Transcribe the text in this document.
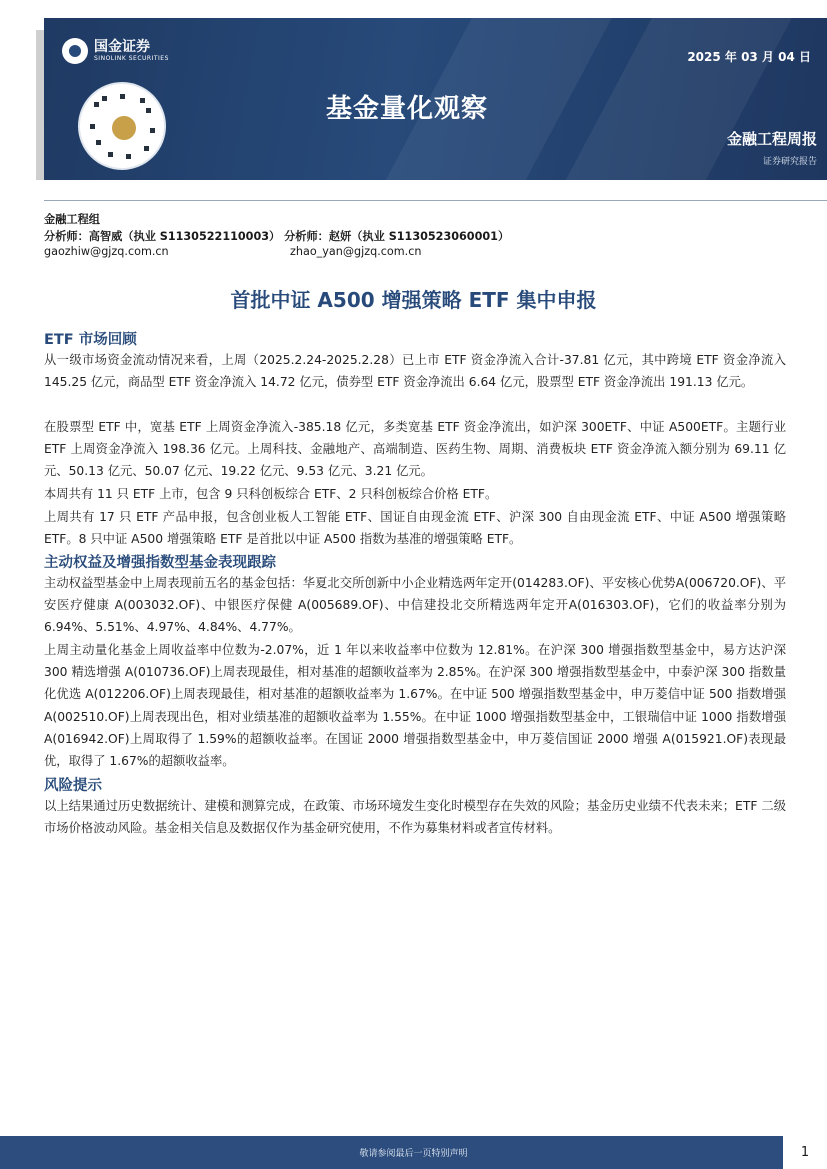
国金证券
SINOLINK SECURITIES	2025 年 03 月 04 日
基金量化观察
金融工程周报
证券研究报告
金融工程组
分析师：高智威（执业 S1130522110003） 分析师：赵妍（执业 S1130523060001）
gaozhiw@gjzq.com.cn	zhao_yan@gjzq.com.cn
首批中证 A500 增强策略 ETF 集中申报
ETF 市场回顾
从一级市场资金流动情况来看，上周（2025.2.24-2025.2.28）已上市 ETF 资金净流入合计-37.81 亿元，其中跨境 ETF 资金净流入 145.25 亿元，商品型 ETF 资金净流入 14.72 亿元，债券型 ETF 资金净流出 6.64 亿元，股票型 ETF 资金净流出 191.13 亿元。
在股票型 ETF 中，宽基 ETF 上周资金净流入-385.18 亿元，多类宽基 ETF 资金净流出，如沪深 300ETF、中证 A500ETF。主题行业 ETF 上周资金净流入 198.36 亿元。上周科技、金融地产、高端制造、医药生物、周期、消费板块 ETF 资金净流入额分别为 69.11 亿元、50.13 亿元、50.07 亿元、19.22 亿元、9.53 亿元、3.21 亿元。
本周共有 11 只 ETF 上市，包含 9 只科创板综合 ETF、2 只科创板综合价格 ETF。
上周共有 17 只 ETF 产品申报，包含创业板人工智能 ETF、国证自由现金流 ETF、沪深 300 自由现金流 ETF、中证 A500 增强策略 ETF。8 只中证 A500 增强策略 ETF 是首批以中证 A500 指数为基准的增强策略 ETF。
主动权益及增强指数型基金表现跟踪
主动权益型基金中上周表现前五名的基金包括：华夏北交所创新中小企业精选两年定开(014283.OF)、平安核心优势A(006720.OF)、平安医疗健康 A(003032.OF)、中银医疗保健 A(005689.OF)、中信建投北交所精选两年定开A(016303.OF)，它们的收益率分别为 6.94%、5.51%、4.97%、4.84%、4.77%。
上周主动量化基金上周收益率中位数为-2.07%，近 1 年以来收益率中位数为 12.81%。在沪深 300 增强指数型基金中，易方达沪深 300 精选增强 A(010736.OF)上周表现最佳，相对基准的超额收益率为 2.85%。在沪深 300 增强指数型基金中，中泰沪深 300 指数量化优选 A(012206.OF)上周表现最佳，相对基准的超额收益率为 1.67%。在中证 500 增强指数型基金中，申万菱信中证 500 指数增强 A(002510.OF)上周表现出色，相对业绩基准的超额收益率为 1.55%。在中证 1000 增强指数型基金中，工银瑞信中证 1000 指数增强 A(016942.OF)上周取得了 1.59%的超额收益率。在国证 2000 增强指数型基金中，申万菱信国证 2000 增强 A(015921.OF)表现最优，取得了 1.67%的超额收益率。
风险提示
以上结果通过历史数据统计、建模和测算完成，在政策、市场环境发生变化时模型存在失效的风险；基金历史业绩不代表未来；ETF 二级市场价格波动风险。基金相关信息及数据仅作为基金研究使用，不作为募集材料或者宣传材料。
敬请参阅最后一页特别声明	1
